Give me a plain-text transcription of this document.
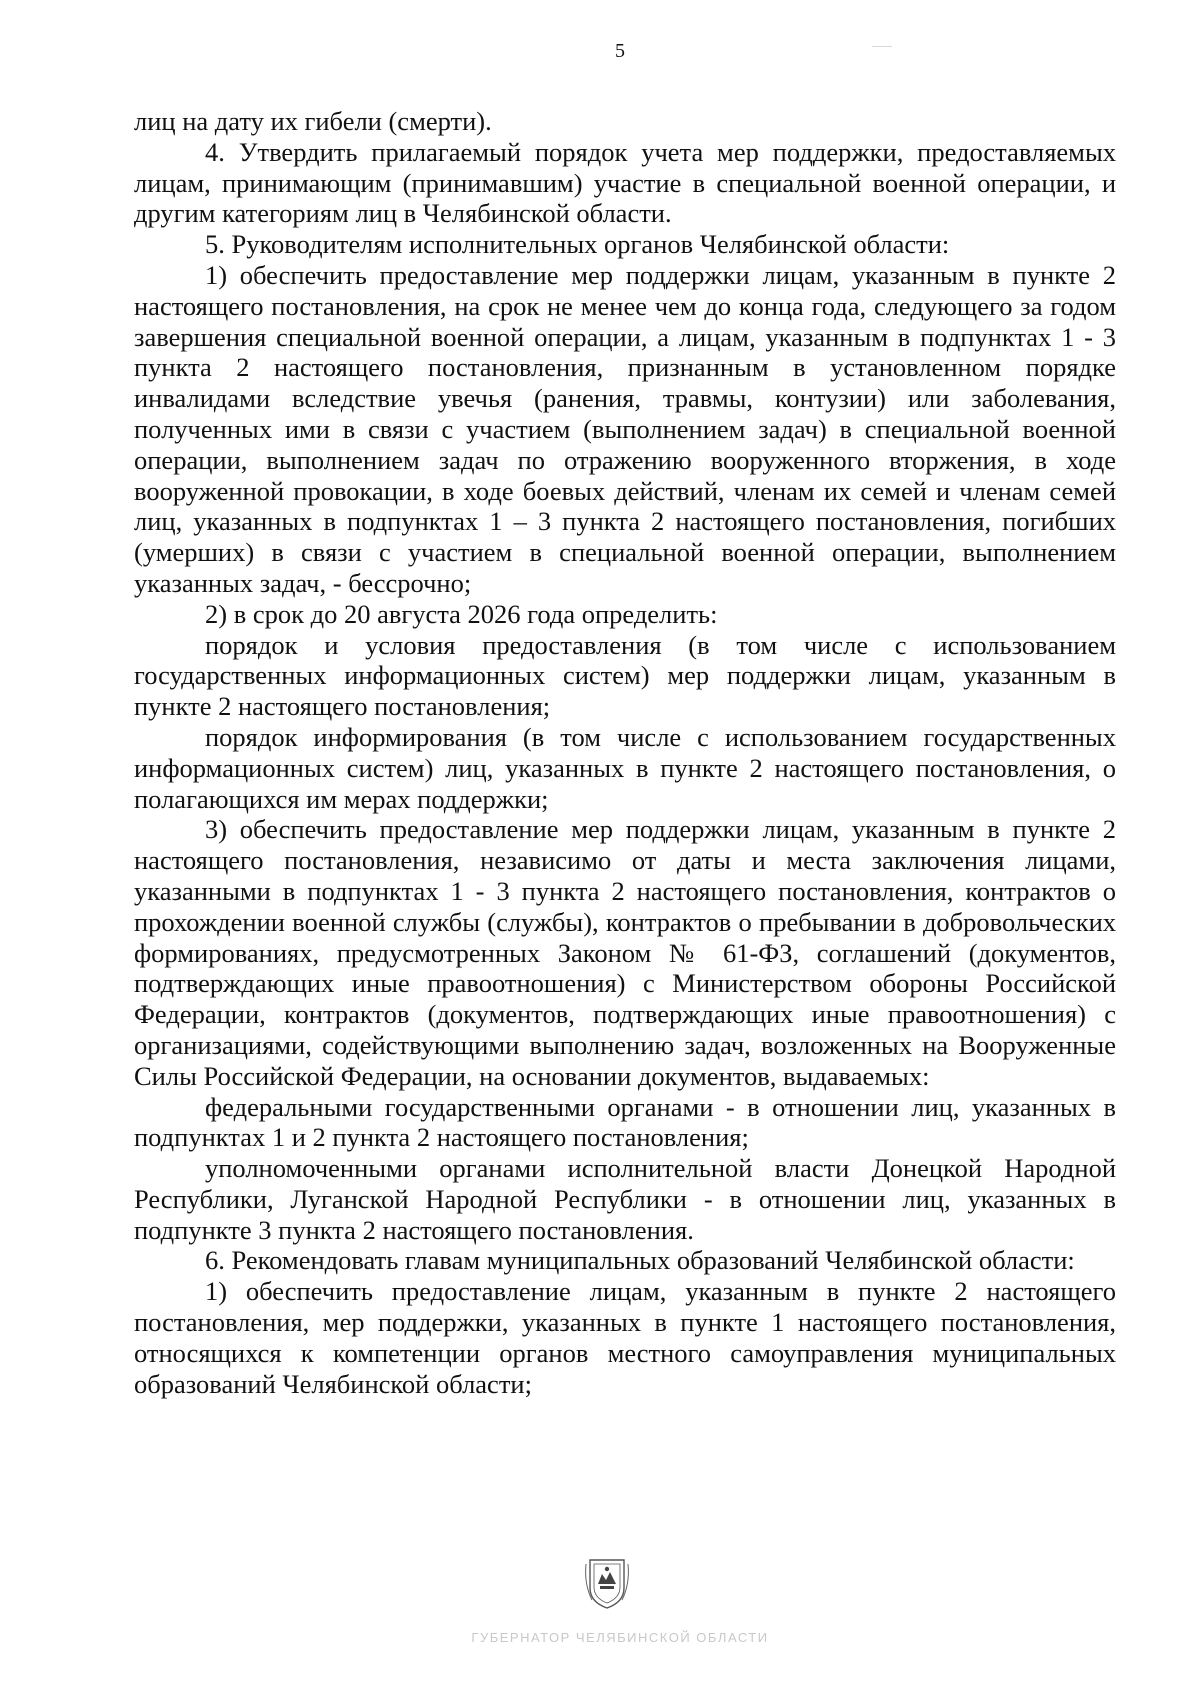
5

лиц на дату их гибели (смерти).

4. Утвердить прилагаемый порядок учета мер поддержки, предоставляемых лицам, принимающим (принимавшим) участие в специальной военной операции, и другим категориям лиц в Челябинской области.

5. Руководителям исполнительных органов Челябинской области:

1) обеспечить предоставление мер поддержки лицам, указанным в пункте 2 настоящего постановления, на срок не менее чем до конца года, следующего за годом завершения специальной военной операции, а лицам, указанным в подпунктах 1 - 3 пункта 2 настоящего постановления, признанным в установленном порядке инвалидами вследствие увечья (ранения, травмы, контузии) или заболевания, полученных ими в связи с участием (выполнением задач) в специальной военной операции, выполнением задач по отражению вооруженного вторжения, в ходе вооруженной провокации, в ходе боевых действий, членам их семей и членам семей лиц, указанных в подпунктах 1 – 3 пункта 2 настоящего постановления, погибших (умерших) в связи с участием в специальной военной операции, выполнением указанных задач, - бессрочно;

2) в срок до 20 августа 2026 года определить:

порядок и условия предоставления (в том числе с использованием государственных информационных систем) мер поддержки лицам, указанным в пункте 2 настоящего постановления;

порядок информирования (в том числе с использованием государственных информационных систем) лиц, указанных в пункте 2 настоящего постановления, о полагающихся им мерах поддержки;

3) обеспечить предоставление мер поддержки лицам, указанным в пункте 2 настоящего постановления, независимо от даты и места заключения лицами, указанными в подпунктах 1 - 3 пункта 2 настоящего постановления, контрактов о прохождении военной службы (службы), контрактов о пребывании в добровольческих формированиях, предусмотренных Законом № 61-ФЗ, соглашений (документов, подтверждающих иные правоотношения) с Министерством обороны Российской Федерации, контрактов (документов, подтверждающих иные правоотношения) с организациями, содействующими выполнению задач, возложенных на Вооруженные Силы Российской Федерации, на основании документов, выдаваемых:

федеральными государственными органами - в отношении лиц, указанных в подпунктах 1 и 2 пункта 2 настоящего постановления;

уполномоченными органами исполнительной власти Донецкой Народной Республики, Луганской Народной Республики - в отношении лиц, указанных в подпункте 3 пункта 2 настоящего постановления.

6. Рекомендовать главам муниципальных образований Челябинской области:

1) обеспечить предоставление лицам, указанным в пункте 2 настоящего постановления, мер поддержки, указанных в пункте 1 настоящего постановления, относящихся к компетенции органов местного самоуправления муниципальных образований Челябинской области;

ГУБЕРНАТОР ЧЕЛЯБИНСКОЙ ОБЛАСТИ
